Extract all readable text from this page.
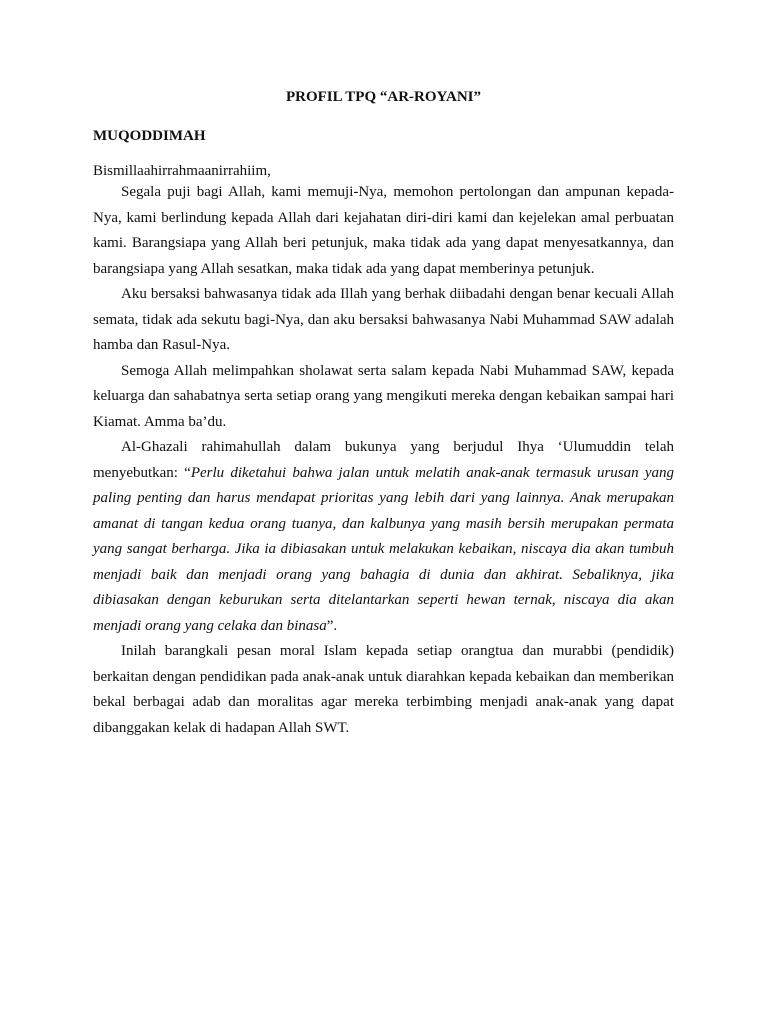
PROFIL TPQ “AR-ROYANI”
MUQODDIMAH
Bismillaahirrahmaanirrahiim,

Segala puji bagi Allah, kami memuji-Nya, memohon pertolongan dan ampunan kepada-Nya, kami berlindung kepada Allah dari kejahatan diri-diri kami dan kejelekan amal perbuatan kami. Barangsiapa yang Allah beri petunjuk, maka tidak ada yang dapat menyesatkannya, dan barangsiapa yang Allah sesatkan, maka tidak ada yang dapat memberinya petunjuk.

Aku bersaksi bahwasanya tidak ada Illah yang berhak diibadahi dengan benar kecuali Allah semata, tidak ada sekutu bagi-Nya, dan aku bersaksi bahwasanya Nabi Muhammad SAW adalah hamba dan Rasul-Nya.

Semoga Allah melimpahkan sholawat serta salam kepada Nabi Muhammad SAW, kepada keluarga dan sahabatnya serta setiap orang yang mengikuti mereka dengan kebaikan sampai hari Kiamat. Amma ba’du.

Al-Ghazali rahimahullah dalam bukunya yang berjudul Ihya ‘Ulumuddin telah menyebutkan: “Perlu diketahui bahwa jalan untuk melatih anak-anak termasuk urusan yang paling penting dan harus mendapat prioritas yang lebih dari yang lainnya. Anak merupakan amanat di tangan kedua orang tuanya, dan kalbunya yang masih bersih merupakan permata yang sangat berharga. Jika ia dibiasakan untuk melakukan kebaikan, niscaya dia akan tumbuh menjadi baik dan menjadi orang yang bahagia di dunia dan akhirat. Sebaliknya, jika dibiasakan dengan keburukan serta ditelantarkan seperti hewan ternak, niscaya dia akan menjadi orang yang celaka dan binasa”.

Inilah barangkali pesan moral Islam kepada setiap orangtua dan murabbi (pendidik) berkaitan dengan pendidikan pada anak-anak untuk diarahkan kepada kebaikan dan memberikan bekal berbagai adab dan moralitas agar mereka terbimbing menjadi anak-anak yang dapat dibanggakan kelak di hadapan Allah SWT.
